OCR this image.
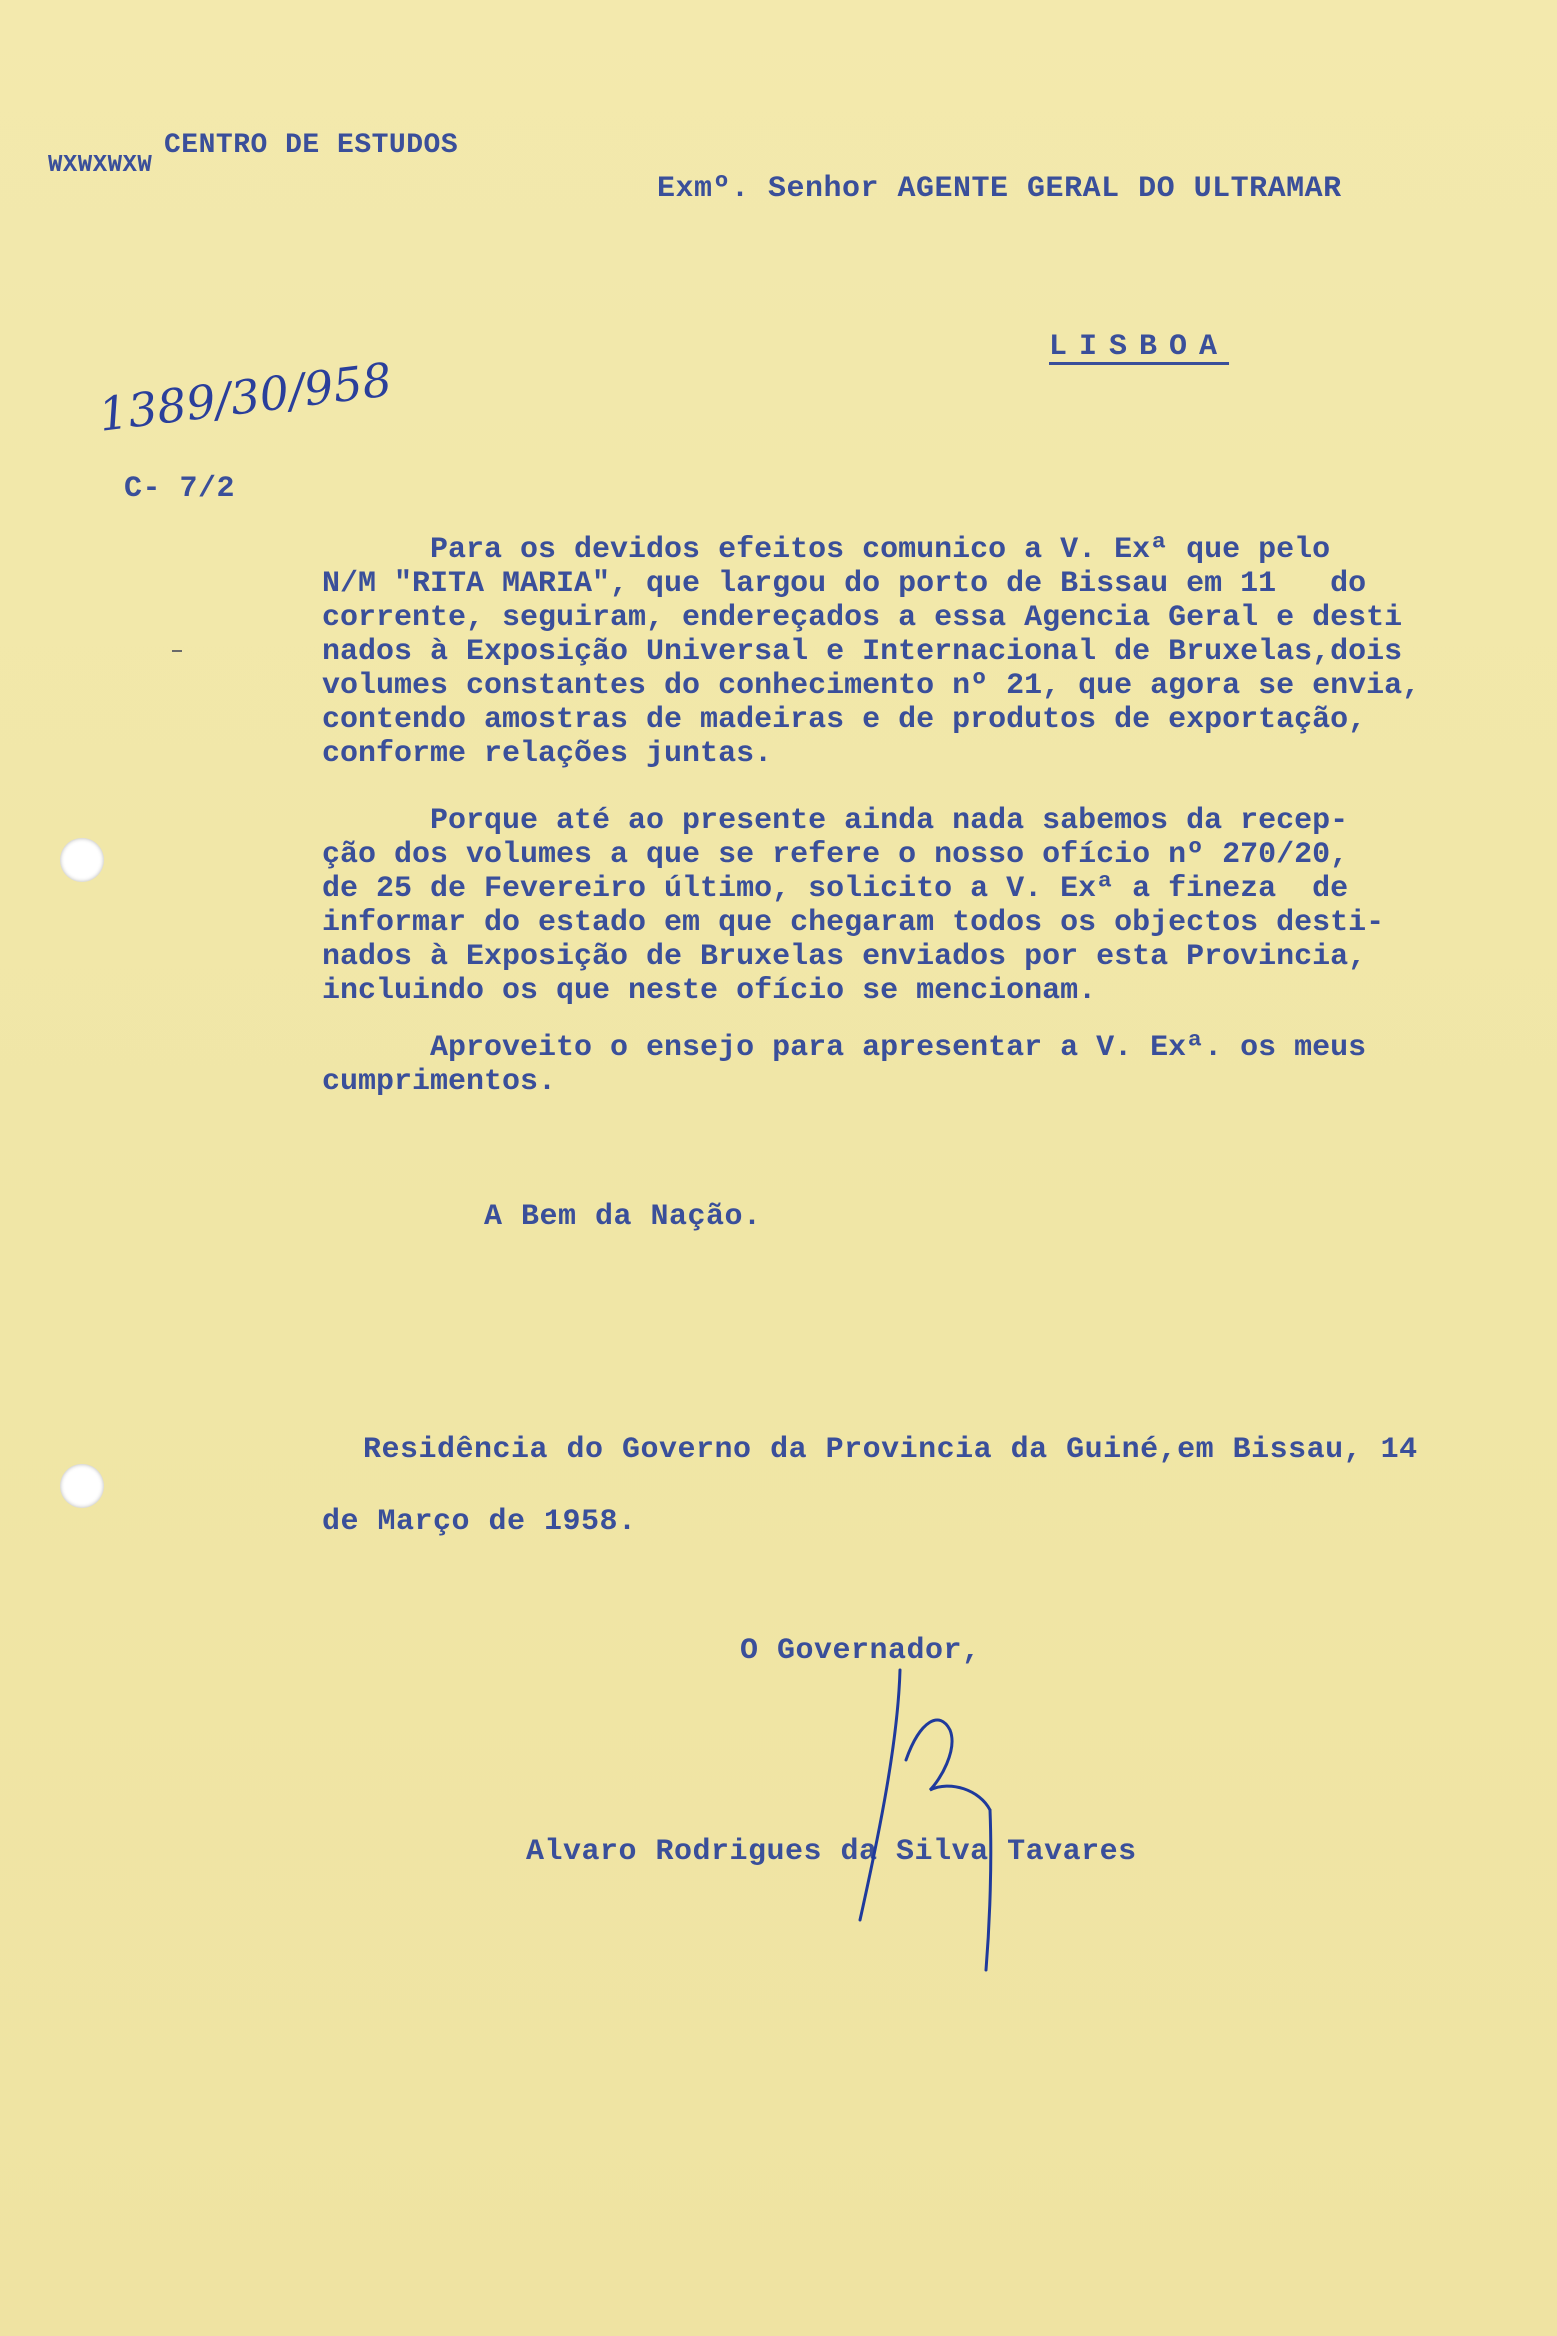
WXWXWXW

CENTRO DE ESTUDOS

Exmº. Senhor AGENTE GERAL DO ULTRAMAR
LISBOA
1389/30/958
C- 7/2

Para os devidos efeitos comunico a V. Exª que pelo

N/M "RITA MARIA", que largou do porto de Bissau em 11   do

corrente, seguiram, endereçados a essa Agencia Geral e desti

nados à Exposição Universal e Internacional de Bruxelas,dois

volumes constantes do conhecimento nº 21, que agora se envia,

contendo amostras de madeiras e de produtos de exportação,

conforme relações juntas.

Porque até ao presente ainda nada sabemos da recep-

ção dos volumes a que se refere o nosso ofício nº 270/20,

de 25 de Fevereiro último, solicito a V. Exª a fineza  de

informar do estado em que chegaram todos os objectos desti-

nados à Exposição de Bruxelas enviados por esta Provincia,

incluindo os que neste ofício se mencionam.

Aproveito o ensejo para apresentar a V. Exª. os meus

cumprimentos.

A Bem da Nação.
Residência do Governo da Provincia da Guiné,em Bissau, 14
de Março de 1958.
O Governador,
Alvaro Rodrigues da Silva Tavares
